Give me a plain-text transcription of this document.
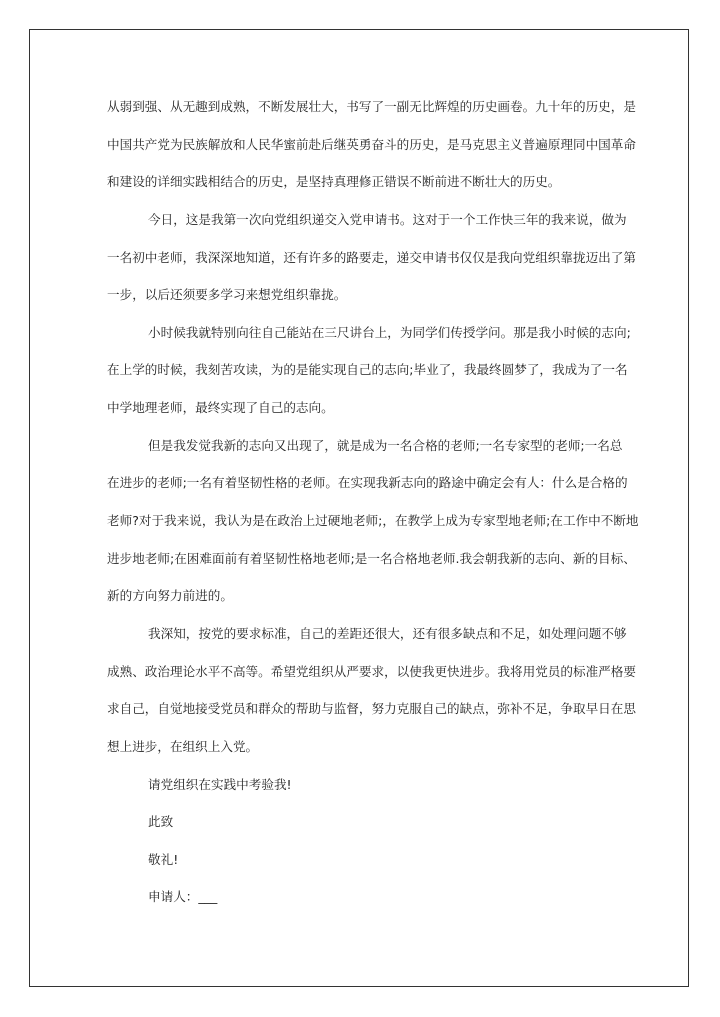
从弱到强、从无趣到成熟，不断发展壮大，书写了一副无比辉煌的历史画卷。九十年的历史，是
中国共产党为民族解放和人民华蜜前赴后继英勇奋斗的历史，是马克思主义普遍原理同中国革命
和建设的详细实践相结合的历史，是坚持真理修正错误不断前进不断壮大的历史。
今日，这是我第一次向党组织递交入党申请书。这对于一个工作快三年的我来说，做为
一名初中老师，我深深地知道，还有许多的路要走，递交申请书仅仅是我向党组织靠拢迈出了第
一步，以后还须要多学习来想党组织靠拢。
小时候我就特别向往自己能站在三尺讲台上，为同学们传授学问。那是我小时候的志向;
在上学的时候，我刻苦攻读，为的是能实现自己的志向;毕业了，我最终圆梦了，我成为了一名
中学地理老师，最终实现了自己的志向。
但是我发觉我新的志向又出现了，就是成为一名合格的老师;一名专家型的老师;一名总
在进步的老师;一名有着坚韧性格的老师。在实现我新志向的路途中确定会有人：什么是合格的
老师?对于我来说，我认为是在政治上过硬地老师;，在教学上成为专家型地老师;在工作中不断地
进步地老师;在困难面前有着坚韧性格地老师;是一名合格地老师.我会朝我新的志向、新的目标、
新的方向努力前进的。
我深知，按党的要求标准，自己的差距还很大，还有很多缺点和不足，如处理问题不够
成熟、政治理论水平不高等。希望党组织从严要求，以使我更快进步。我将用党员的标准严格要
求自己，自觉地接受党员和群众的帮助与监督，努力克服自己的缺点，弥补不足，争取早日在思
想上进步，在组织上入党。
请党组织在实践中考验我!
此致
敬礼!
申请人：___
